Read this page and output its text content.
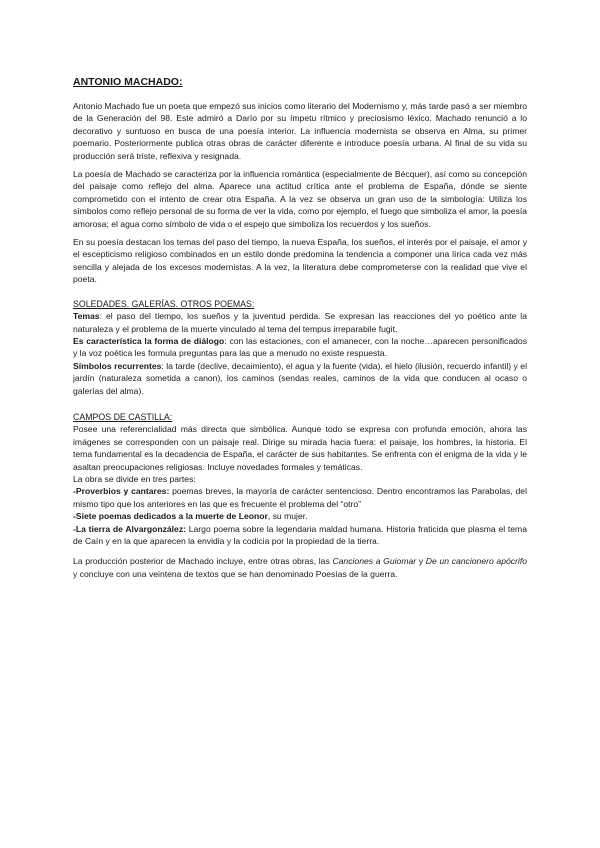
ANTONIO MACHADO:

Antonio Machado fue un poeta que empezó sus inicios como literario del Modernismo y, más tarde pasó a ser miembro de la Generación del 98. Este admiró a Darío por su ímpetu rítmico y preciosismo léxico. Machado renunció a lo decorativo y suntuoso en busca de una poesía interior. La influencia modernista se observa en Alma, su primer poemario. Posteriormente publica otras obras de carácter diferente e introduce poesía urbana. Al final de su vida su producción será triste, reflexiva y resignada.

La poesía de Machado se caracteriza por la influencia romántica (especialmente de Bécquer), así como su concepción del paisaje como reflejo del alma. Aparece una actitud crítica ante el problema de España, dónde se siente comprometido con el intento de crear otra España. A la vez se observa un gran uso de la simbología: Utiliza los símbolos como reflejo personal de su forma de ver la vida, como por ejemplo, el fuego que simboliza el amor, la poesía amorosa; el agua como símbolo de vida o el espejo que simboliza los recuerdos y los sueños.

En su poesía destacan los temas del paso del tiempo, la nueva España, los sueños, el interés por el paisaje, el amor y el escepticismo religioso combinados en un estilo donde predomina la tendencia a componer una lírica cada vez más sencilla y alejada de los excesos modernistas. A la vez, la literatura debe comprometerse con la realidad que vive el poeta.

SOLEDADES. GALERÍAS. OTROS POEMAS:

Temas: el paso del tiempo, los sueños y la juventud perdida. Se expresan las reacciones del yo poético ante la naturaleza y el problema de la muerte vinculado al tema del tempus irreparabile fugit.

Es característica la forma de diálogo: con las estaciones, con el amanecer, con la noche…aparecen personificados y la voz poética les formula preguntas para las que a menudo no existe respuesta.

Símbolos recurrentes: la tarde (declive, decaimiento), el agua y la fuente (vida), el hielo (ilusión, recuerdo infantil) y el jardín (naturaleza sometida a canon), los caminos (sendas reales, caminos de la vida que conducen al ocaso o galerías del alma).

CAMPOS DE CASTILLA:

Posee una referencialidad más directa que simbólica. Aunque todo se expresa con profunda emoción, ahora las imágenes se corresponden con un paisaje real. Dirige su mirada hacia fuera: el paisaje, los hombres, la historia. El tema fundamental es la decadencia de España, el carácter de sus habitantes. Se enfrenta con el enigma de la vida y le asaltan preocupaciones religiosas. Incluye novedades formales y temáticas.

La obra se divide en tres partes:

-Proverbios y cantares: poemas breves, la mayoría de carácter sentencioso. Dentro encontramos las Parabolas, del mismo tipo que los anteriores en las que es frecuente el problema del “otro”

-Siete poemas dedicados a la muerte de Leonor, su mujer.

-La tierra de Alvargonzález: Largo poema sobre la legendaria maldad humana. Historia fraticida que plasma el tema de Caín y en la que aparecen la envidia y la codicia por la propiedad de la tierra.

La producción posterior de Machado incluye, entre otras obras, las Canciones a Guiomar y De un cancionero apócrifo y concluye con una veintena de textos que se han denominado Poesías de la guerra.
